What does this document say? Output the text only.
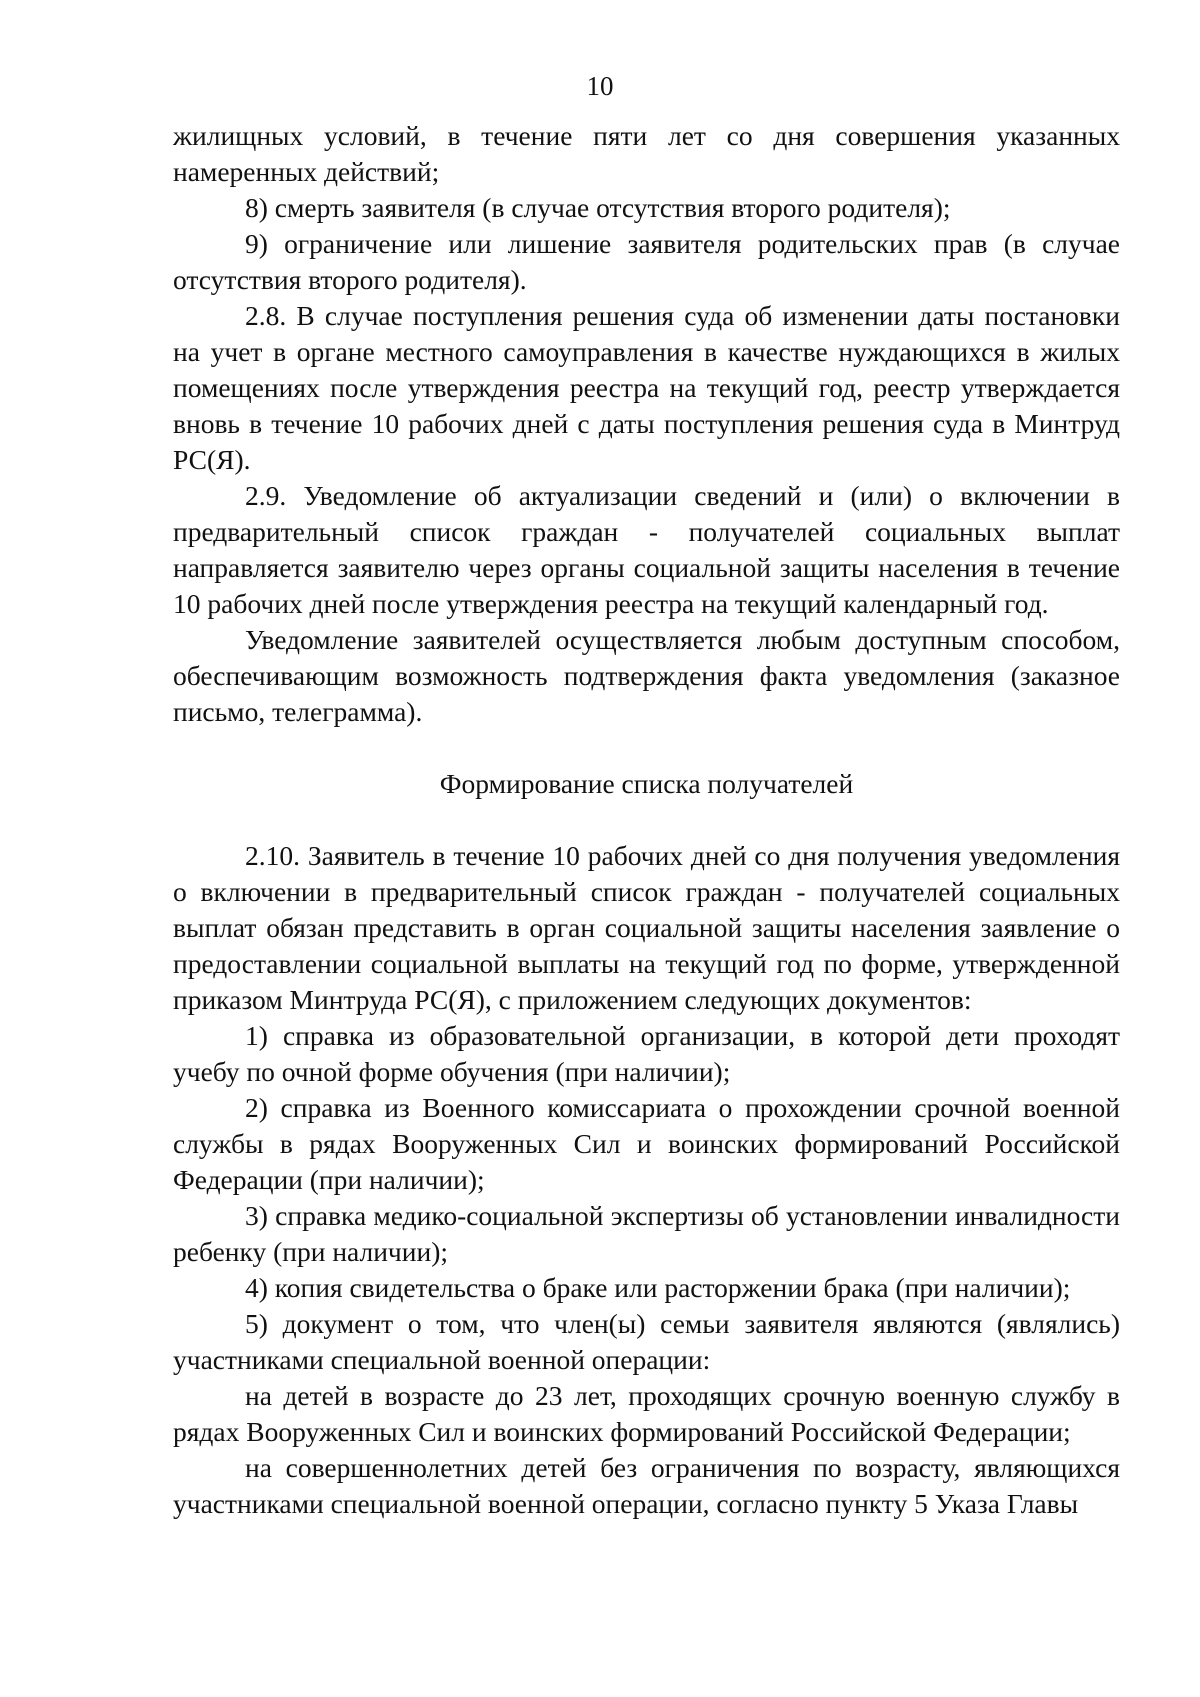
10

жилищных условий, в течение пяти лет со дня совершения указанных намеренных действий;

8) смерть заявителя (в случае отсутствия второго родителя);

9) ограничение или лишение заявителя родительских прав (в случае отсутствия второго родителя).

2.8. В случае поступления решения суда об изменении даты постановки на учет в органе местного самоуправления в качестве нуждающихся в жилых помещениях после утверждения реестра на текущий год, реестр утверждается вновь в течение 10 рабочих дней с даты поступления решения суда в Минтруд РС(Я).

2.9. Уведомление об актуализации сведений и (или) о включении в предварительный список граждан - получателей социальных выплат направляется заявителю через органы социальной защиты населения в течение 10 рабочих дней после утверждения реестра на текущий календарный год.

Уведомление заявителей осуществляется любым доступным способом, обеспечивающим возможность подтверждения факта уведомления (заказное письмо, телеграмма).

Формирование списка получателей

2.10. Заявитель в течение 10 рабочих дней со дня получения уведомления о включении в предварительный список граждан - получателей социальных выплат обязан представить в орган социальной защиты населения заявление о предоставлении социальной выплаты на текущий год по форме, утвержденной приказом Минтруда РС(Я), с приложением следующих документов:

1) справка из образовательной организации, в которой дети проходят учебу по очной форме обучения (при наличии);

2) справка из Военного комиссариата о прохождении срочной военной службы в рядах Вооруженных Сил и воинских формирований Российской Федерации (при наличии);

3) справка медико-социальной экспертизы об установлении инвалидности ребенку (при наличии);

4) копия свидетельства о браке или расторжении брака (при наличии);

5) документ о том, что член(ы) семьи заявителя являются (являлись) участниками специальной военной операции:

на детей в возрасте до 23 лет, проходящих срочную военную службу в рядах Вооруженных Сил и воинских формирований Российской Федерации;

на совершеннолетних детей без ограничения по возрасту, являющихся участниками специальной военной операции, согласно пункту 5 Указа Главы
